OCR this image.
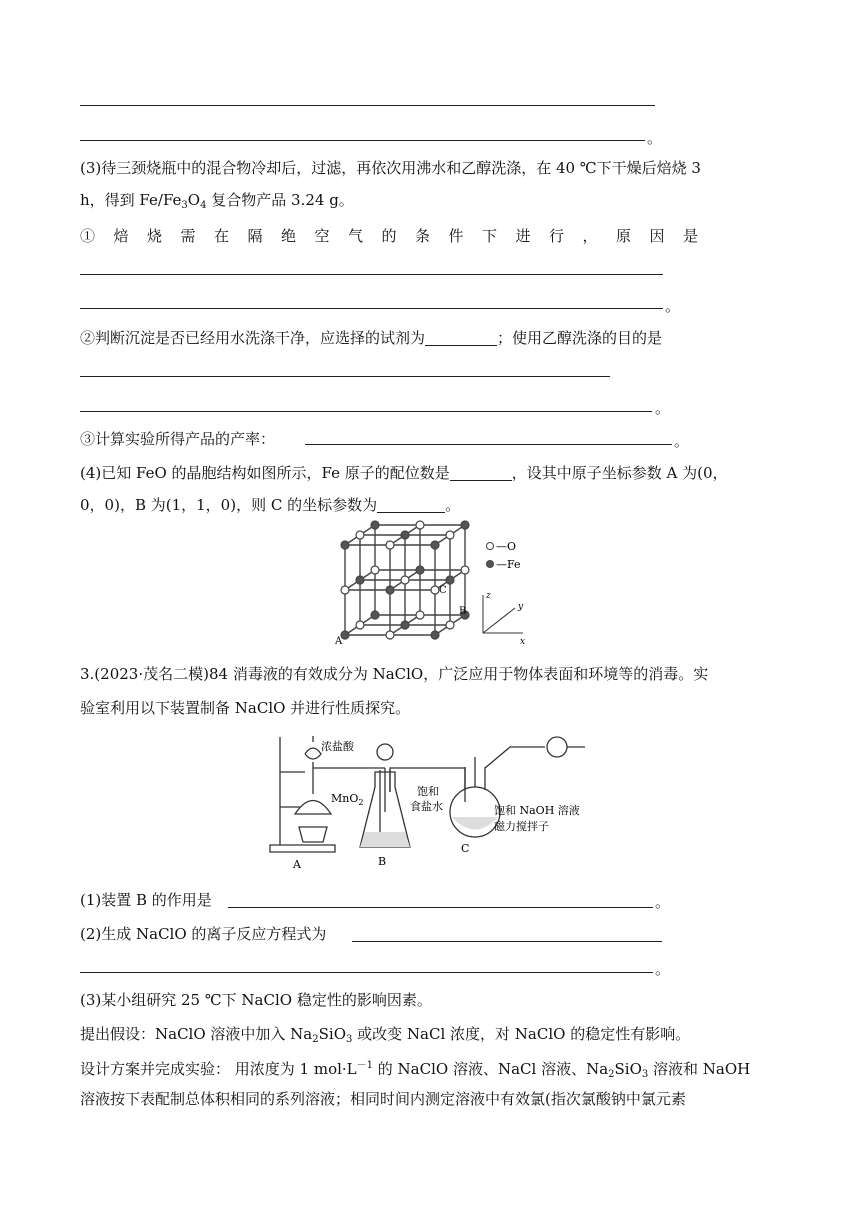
。
(3)待三颈烧瓶中的混合物冷却后，过滤，再依次用沸水和乙醇洗涤，在 40 ℃下干燥后焙烧 3
h，得到 $Fe/Fe_3O_4$ 复合物产品 3.24 g。
①焙烧需在隔绝空气的条件下进行，原因是
。
②判断沉淀是否已经用水洗涤干净，应选择的试剂为	；使用乙醇洗涤的目的是
。
③计算实验所得产品的产率：	。
(4)已知 FeO 的晶胞结构如图所示，Fe 原子的配位数是	，设其中原子坐标参数 A 为(0，
0，0)，B 为(1，1，0)，则 C 的坐标参数为	。
A
B
C
—O
—Fe
z
y
x
3.(2023·茂名二模)84 消毒液的有效成分为 NaClO，广泛应用于物体表面和环境等的消毒。实
验室利用以下装置制备 NaClO 并进行性质探究。
浓盐酸
MnO$_2$
饱和
食盐水	饱和 NaOH 溶液
磁力搅拌子
A	B
C
(1)装置 B 的作用是	。
(2)生成 NaClO 的离子反应方程式为
。
(3)某小组研究 25 ℃下 NaClO 稳定性的影响因素。
提出假设：NaClO 溶液中加入 $Na_2SiO_3$ 或改变 NaCl 浓度，对 NaClO 的稳定性有影响。
设计方案并完成实验： 用浓度为 1 $mol\cdot L^{-1}$ 的 NaClO 溶液、NaCl 溶液、$Na_2SiO_3$ 溶液和 NaOH
溶液按下表配制总体积相同的系列溶液；相同时间内测定溶液中有效氯(指次氯酸钠中氯元素
